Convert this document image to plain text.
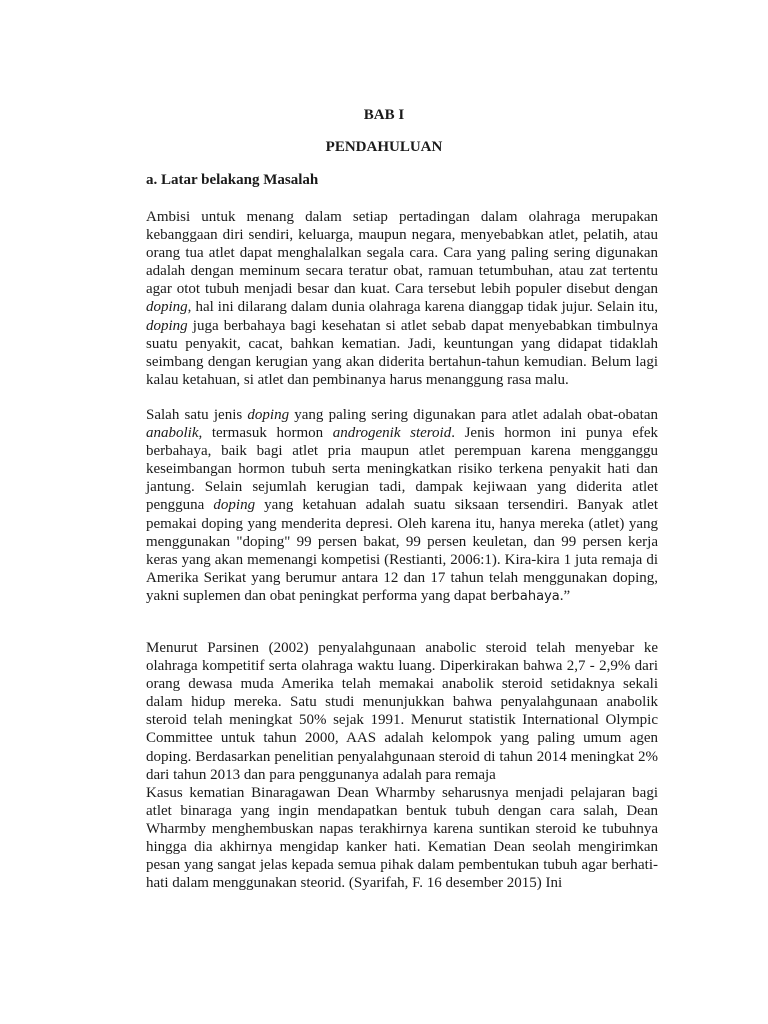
BAB I

PENDAHULUAN

a. Latar belakang Masalah

Ambisi untuk menang dalam setiap pertadingan dalam olahraga merupakan kebanggaan diri sendiri, keluarga, maupun negara, menyebabkan atlet, pelatih, atau orang tua atlet dapat menghalalkan segala cara. Cara yang paling sering digunakan adalah dengan meminum secara teratur obat, ramuan tetumbuhan, atau zat tertentu agar otot tubuh menjadi besar dan kuat. Cara tersebut lebih populer disebut dengan doping, hal ini dilarang dalam dunia olahraga karena dianggap tidak jujur. Selain itu, doping juga berbahaya bagi kesehatan si atlet sebab dapat menyebabkan timbulnya suatu penyakit, cacat, bahkan kematian. Jadi, keuntungan yang didapat tidaklah seimbang dengan kerugian yang akan diderita bertahun-tahun kemudian. Belum lagi kalau ketahuan, si atlet dan pembinanya harus menanggung rasa malu.

Salah satu jenis doping yang paling sering digunakan para atlet adalah obat-obatan anabolik, termasuk hormon androgenik steroid. Jenis hormon ini punya efek berbahaya, baik bagi atlet pria maupun atlet perempuan karena mengganggu keseimbangan hormon tubuh serta meningkatkan risiko terkena penyakit hati dan jantung. Selain sejumlah kerugian tadi, dampak kejiwaan yang diderita atlet pengguna doping yang ketahuan adalah suatu siksaan tersendiri. Banyak atlet pemakai doping yang menderita depresi. Oleh karena itu, hanya mereka (atlet) yang menggunakan "doping" 99 persen bakat, 99 persen keuletan, dan 99 persen kerja keras yang akan memenangi kompetisi (Restianti, 2006:1). Kira-kira 1 juta remaja di Amerika Serikat yang berumur antara 12 dan 17 tahun telah menggunakan doping, yakni suplemen dan obat peningkat performa yang dapat berbahaya.”

Menurut Parsinen (2002) penyalahgunaan anabolic steroid telah menyebar ke olahraga kompetitif serta olahraga waktu luang. Diperkirakan bahwa 2,7 - 2,9% dari orang dewasa muda Amerika telah memakai anabolik steroid setidaknya sekali dalam hidup mereka. Satu studi menunjukkan bahwa penyalahgunaan anabolik steroid telah meningkat 50% sejak 1991. Menurut statistik International Olympic Committee untuk tahun 2000, AAS adalah kelompok yang paling umum agen doping. Berdasarkan penelitian penyalahgunaan steroid di tahun 2014 meningkat 2% dari tahun 2013 dan para penggunanya adalah para remaja

Kasus kematian Binaragawan Dean Wharmby seharusnya menjadi pelajaran bagi atlet binaraga yang ingin mendapatkan bentuk tubuh dengan cara salah, Dean Wharmby menghembuskan napas terakhirnya karena suntikan steroid ke tubuhnya hingga dia akhirnya mengidap kanker hati. Kematian Dean seolah mengirimkan pesan yang sangat jelas kepada semua pihak dalam pembentukan tubuh agar berhati-hati dalam menggunakan steorid. (Syarifah, F. 16 desember 2015) Ini
